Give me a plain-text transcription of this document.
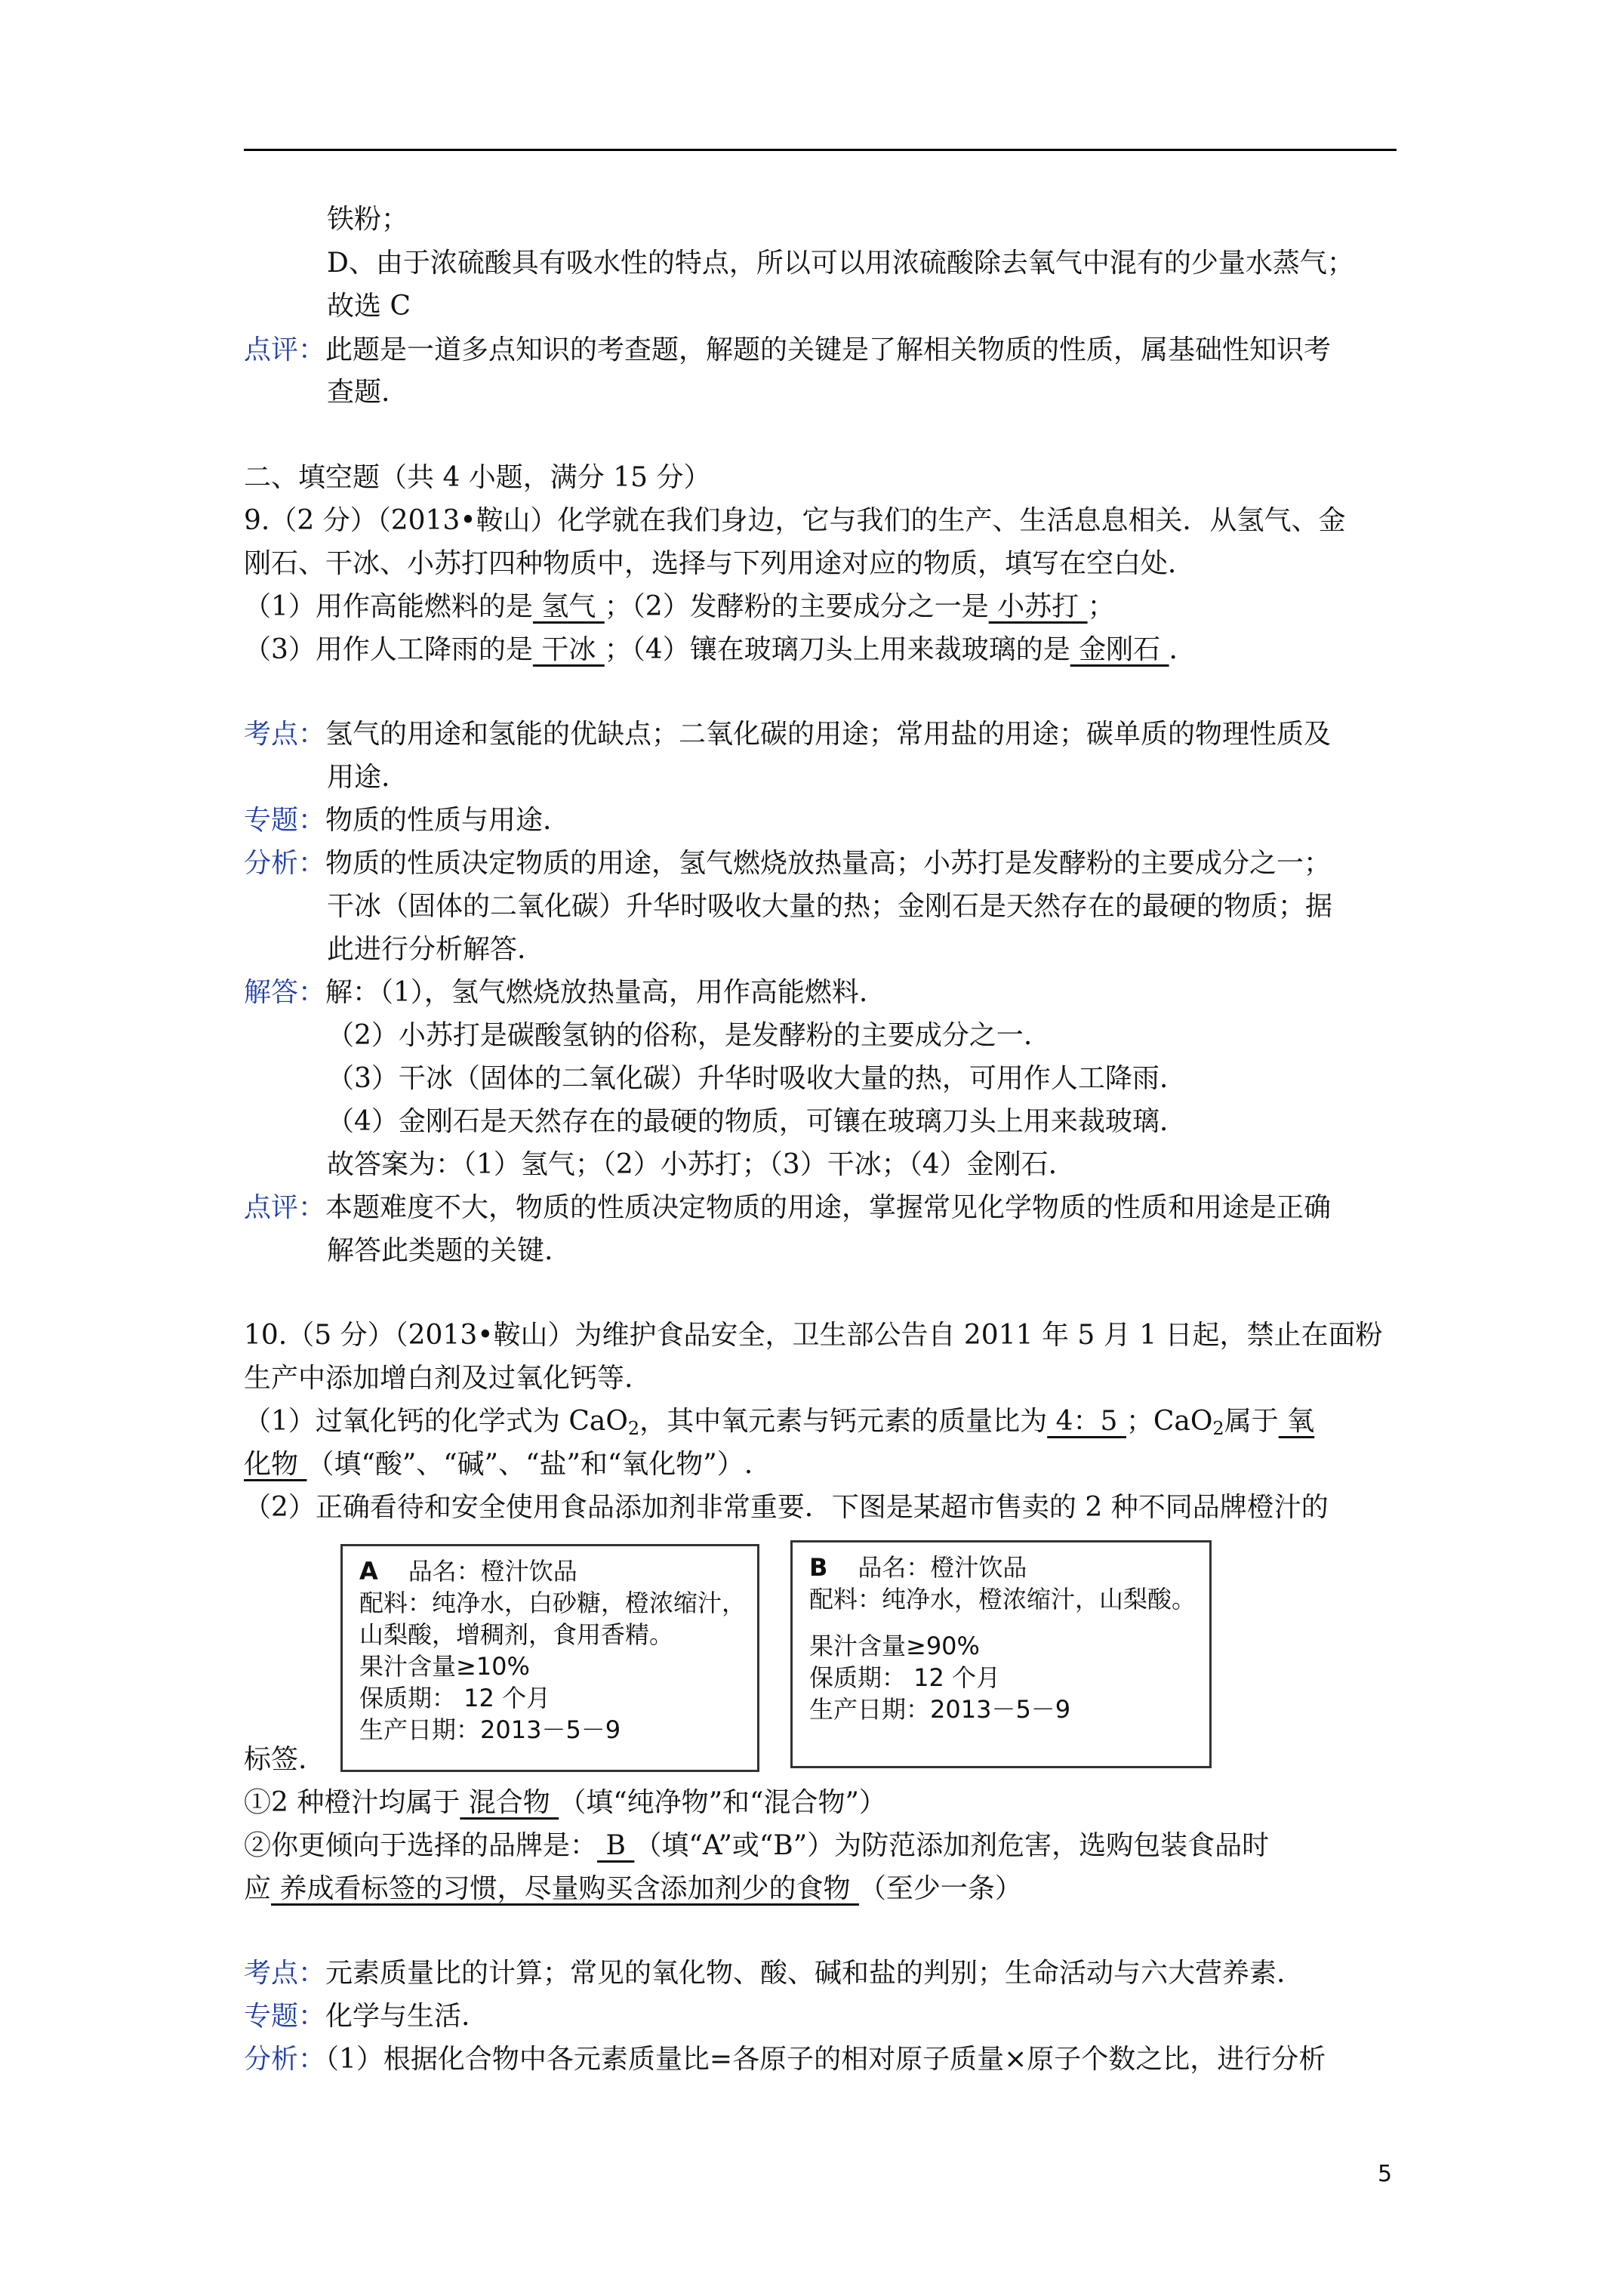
铁粉；
D、由于浓硫酸具有吸水性的特点，所以可以用浓硫酸除去氧气中混有的少量水蒸气；
故选 C
点评：此题是一道多点知识的考查题，解题的关键是了解相关物质的性质，属基础性知识考
查题.
二、填空题（共 4 小题，满分 15 分）
9.（2 分）（2013•鞍山）化学就在我们身边，它与我们的生产、生活息息相关．从氢气、金
刚石、干冰、小苏打四种物质中，选择与下列用途对应的物质，填写在空白处．
（1）用作高能燃料的是 氢气 ；（2）发酵粉的主要成分之一是 小苏打 ；
（3）用作人工降雨的是 干冰 ；（4）镶在玻璃刀头上用来裁玻璃的是 金刚石 ．
考点：氢气的用途和氢能的优缺点；二氧化碳的用途；常用盐的用途；碳单质的物理性质及
用途.
专题：物质的性质与用途.
分析：物质的性质决定物质的用途，氢气燃烧放热量高；小苏打是发酵粉的主要成分之一；
干冰（固体的二氧化碳）升华时吸收大量的热；金刚石是天然存在的最硬的物质；据
此进行分析解答.
解答：解：（1），氢气燃烧放热量高，用作高能燃料.
（2）小苏打是碳酸氢钠的俗称，是发酵粉的主要成分之一.
（3）干冰（固体的二氧化碳）升华时吸收大量的热，可用作人工降雨.
（4）金刚石是天然存在的最硬的物质，可镶在玻璃刀头上用来裁玻璃.
故答案为：（1）氢气；（2）小苏打；（3）干冰；（4）金刚石.
点评：本题难度不大，物质的性质决定物质的用途，掌握常见化学物质的性质和用途是正确
解答此类题的关键.
10.（5 分）（2013•鞍山）为维护食品安全，卫生部公告自 2011 年 5 月 1 日起，禁止在面粉
生产中添加增白剂及过氧化钙等.
（1）过氧化钙的化学式为 CaO$_2$，其中氧元素与钙元素的质量比为 4：5 ；CaO$_2$属于 氧
化物 （填“酸”、“碱”、“盐”和“氧化物”）.
（2）正确看待和安全使用食品添加剂非常重要．下图是某超市售卖的 2 种不同品牌橙汁的
A 品名：橙汁饮品
配料：纯净水，白砂糖，橙浓缩汁，
山梨酸，增稠剂，食用香精。
果汁含量≥10%
保质期： 12 个月
生产日期：2013－5－9
B 品名：橙汁饮品
配料：纯净水，橙浓缩汁，山梨酸。
果汁含量≥90%
保质期： 12 个月
生产日期：2013－5－9
标签.
①2 种橙汁均属于 混合物 （填“纯净物”和“混合物”）
②你更倾向于选择的品牌是： B （填“A”或“B”）为防范添加剂危害，选购包装食品时
应 养成看标签的习惯，尽量购买含添加剂少的食物 （至少一条）
考点：元素质量比的计算；常见的氧化物、酸、碱和盐的判别；生命活动与六大营养素.
专题：化学与生活.
分析：（1）根据化合物中各元素质量比=各原子的相对原子质量×原子个数之比，进行分析
5
